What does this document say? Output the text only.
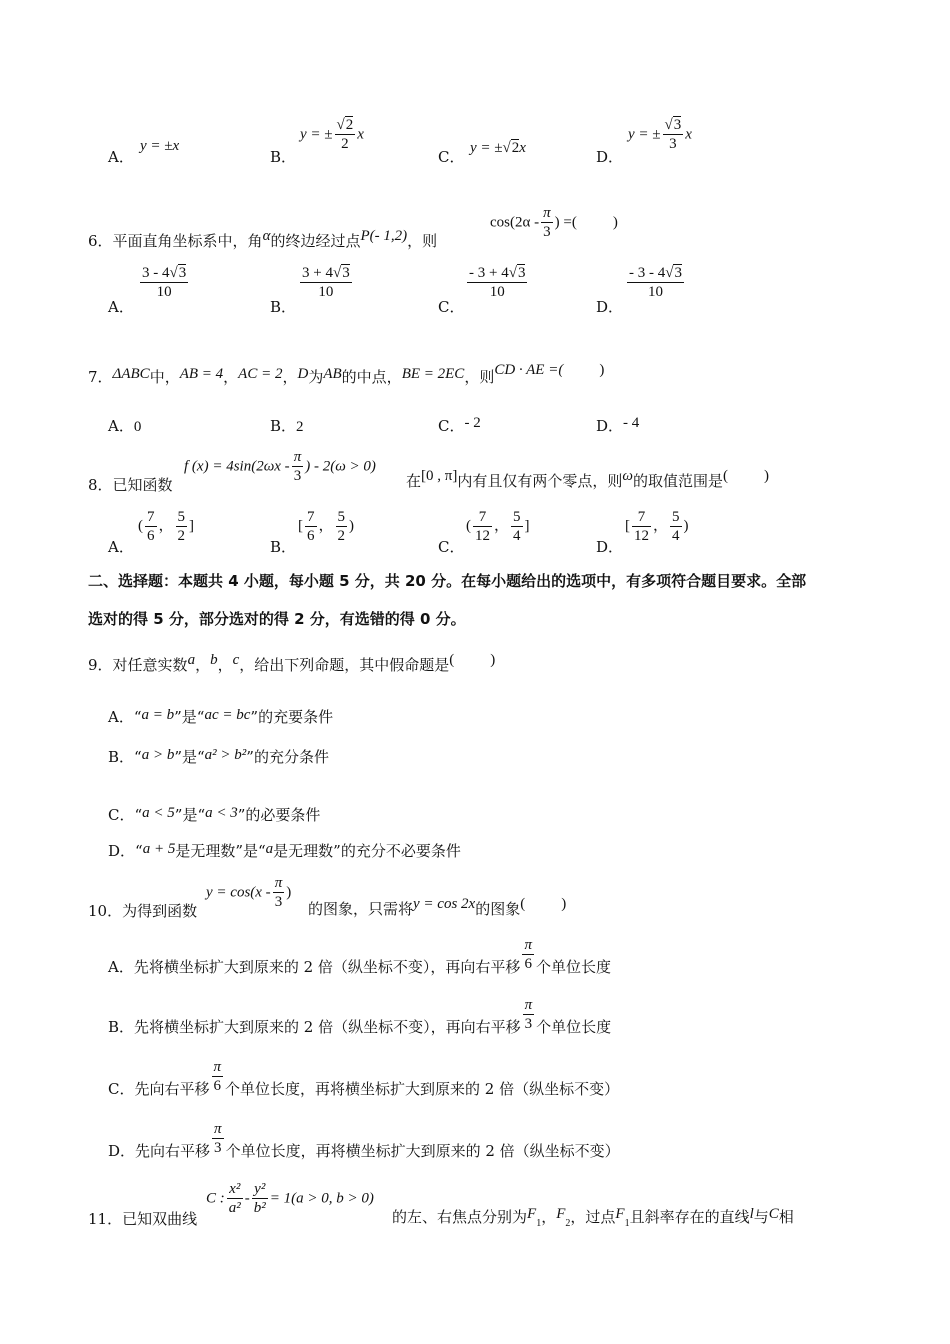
A．
y = ±x
B．
y = ± $\frac{√2}{2}$ x
C． y = ±√2x	D．
y = ± $\frac{√3}{3}$ x
6．平面直角坐标系中，角α的终边经过点P(- 1,2)，则
$\cos(2\alpha - \frac{\pi}{3}$ ) =( )
A．
$\frac{3 - 4√3}{10}$
B．
$\frac{3 + 4√3}{10}$
C．
$\frac{- 3 + 4√3}{10}$
D．
$\frac{- 3 - 4√3}{10}$
7．ΔABC中，AB = 4，AC = 2，D为AB的中点，BE = 2EC，则CD · AE =( )
A．0	B．2	C．- 2	D．- 4
8．已知函数
f $(x) = 4\sin(2\omega x - \frac{\pi}{3}$ ) - 2(ω > 0)
在[0 , π]内有且仅有两个零点，则ω的取值范围是( )
A．
( $\frac{7}{6}$ ， $\frac{5}{2}$ ]
B．
[ $\frac{7}{6}$ ， $\frac{5}{2}$ )
C．
( $\frac{7}{12}$ ， $\frac{5}{4}$ ]
D．
[ $\frac{7}{12}$ ， $\frac{5}{4}$ )
二、选择题：本题共 4 小题，每小题 5 分，共 20 分。在每小题给出的选项中，有多项符合题目要求。全部
选对的得 5 分，部分选对的得 2 分，有选错的得 0 分。
9．对任意实数a，b，c，给出下列命题，其中假命题是( )
A．“a = b”是“ac = bc”的充要条件
B．“a > b”是“a² > b²”的充分条件
C．“a < 5”是“a < 3”的必要条件
D．“a + 5是无理数”是“a是无理数”的充分不必要条件
10．为得到函数
$y = \cos(x - \frac{\pi}{3}$ )
的图象，只需将y = cos 2x的图象( )
A．先将横坐标扩大到原来的 2 倍（纵坐标不变），再向右平移 $\frac{\pi}{6}$ 个单位长度
B．先将横坐标扩大到原来的 2 倍（纵坐标不变），再向右平移 $\frac{\pi}{3}$ 个单位长度
C．先向右平移 $\frac{\pi}{6}$ 个单位长度，再将横坐标扩大到原来的 2 倍（纵坐标不变）
D．先向右平移 $\frac{\pi}{3}$ 个单位长度，再将横坐标扩大到原来的 2 倍（纵坐标不变）
11．已知双曲线
C : $\frac{\text{x²}}{\text{a²}} - \frac{\text{y²}}{\text{b²}} = 1(a > 0$, b > 0)
的左、右焦点分别为$F_1$，$F_2$，过点$F_1$且斜率存在的直线l与C相
